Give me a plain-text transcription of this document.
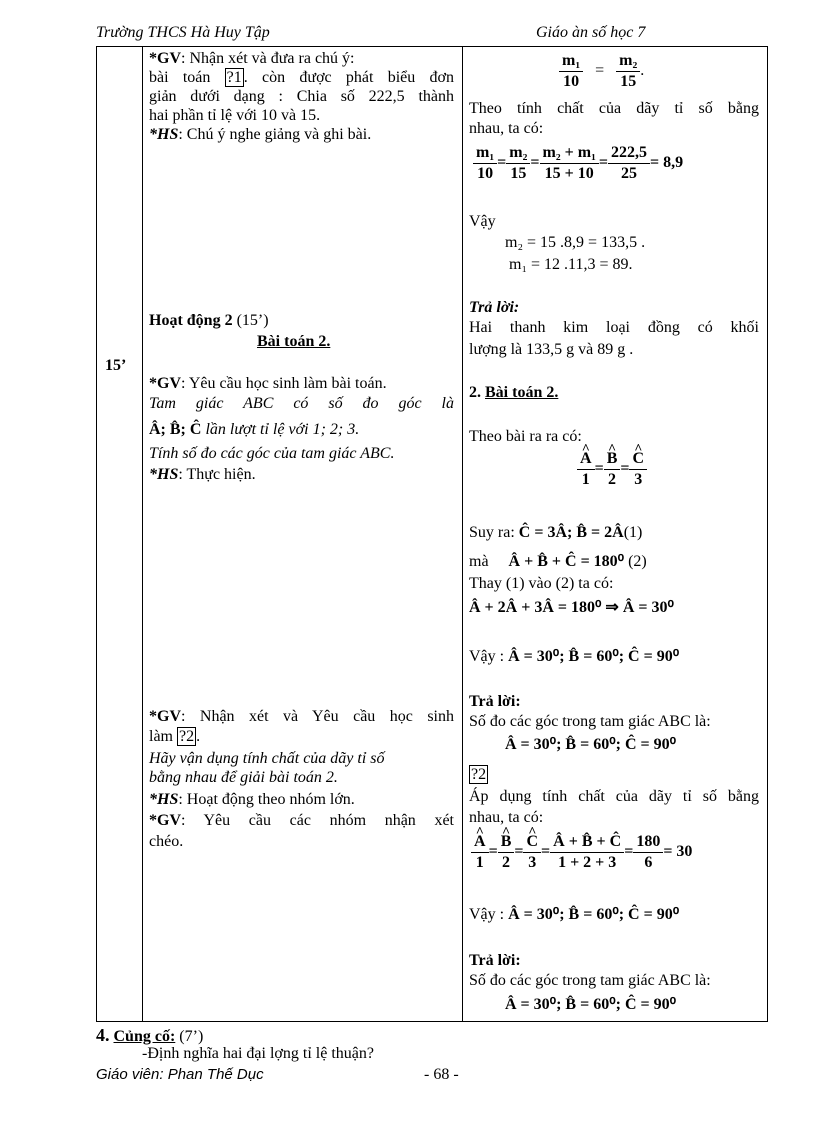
Trường THCS Hà Huy Tập	Giáo àn số học 7
15’
*GV: Nhận xét và đưa ra chú ý:
bài toán ?1 . còn được phát biểu đơn
giản dưới dạng : Chia số 222,5 thành
hai phần tỉ lệ với 10 và 15.
*HS: Chú ý nghe giảng và ghi bài.
Hoạt động 2 (15’)
Bài toán 2.
*GV: Yêu cầu học sinh làm bài toán.
Tam giác ABC có số đo góc là
Â; B̂; Ĉ lần lượt tỉ lệ với 1; 2; 3.
Tính số đo các góc của tam giác ABC.
*HS: Thực hiện.
*GV: Nhận xét và Yêu cầu học sinh
làm ?2 .
Hãy vận dụng tính chất của dãy tỉ số
bằng nhau để giải bài toán 2.
*HS: Hoạt động theo nhóm lớn.
*GV: Yêu cầu các nhóm nhận xét
chéo.
$\frac{\text{m₁}}{10} = \frac{\text{m₂}}{15}$ .
Theo tính chất của dãy tỉ số bằng
nhau, ta có:
$\frac{\text{m₁}}{10} = \frac{\text{m₂}}{15} = \frac{\text{m₂ + m₁}}{15 + 10} = \frac{222,5}{25} = 8,9$
Vậy
m₂ = 15 .8,9 = 133,5 .
m₁ = 12 .11,3 = 89.
Trả lời:
Hai thanh kim loại đồng có khối
lượng là 133,5 g và 89 g .
2. Bài toán 2.
Theo bài ra ra có:
^ $\frac{A}{1}$ = ^ $\frac{B}{2}$ = ^ $\frac{C}{3}$
Suy ra: Ĉ = 3Â; B̂ = 2Â(1)
mà Â + B̂ + Ĉ = 180⁰ (2)
Thay (1) vào (2) ta có:
Â + 2Â + 3Â = 180⁰ ⇒ Â = 30⁰
Vậy : Â = 30⁰; B̂ = 60⁰; Ĉ = 90⁰
Trả lời:
Số đo các góc trong tam giác ABC là:
Â = 30⁰; B̂ = 60⁰; Ĉ = 90⁰
?2
Áp dụng tính chất của dãy tỉ số bằng
nhau, ta có:
^ $\frac{A}{1}$ = ^ $\frac{B}{2}$ = ^ $\frac{C}{3} = \frac{Â + B̂ + Ĉ}{1 + 2 + 3} = \frac{180}{6} = 30$
Vậy : Â = 30⁰; B̂ = 60⁰; Ĉ = 90⁰
Trả lời:
Số đo các góc trong tam giác ABC là:
Â = 30⁰; B̂ = 60⁰; Ĉ = 90⁰
4. Củng cố: (7’)
-Định nghĩa hai đại lợng tỉ lệ thuận?
Giáo viên: Phan Thế Dục	- 68 -
